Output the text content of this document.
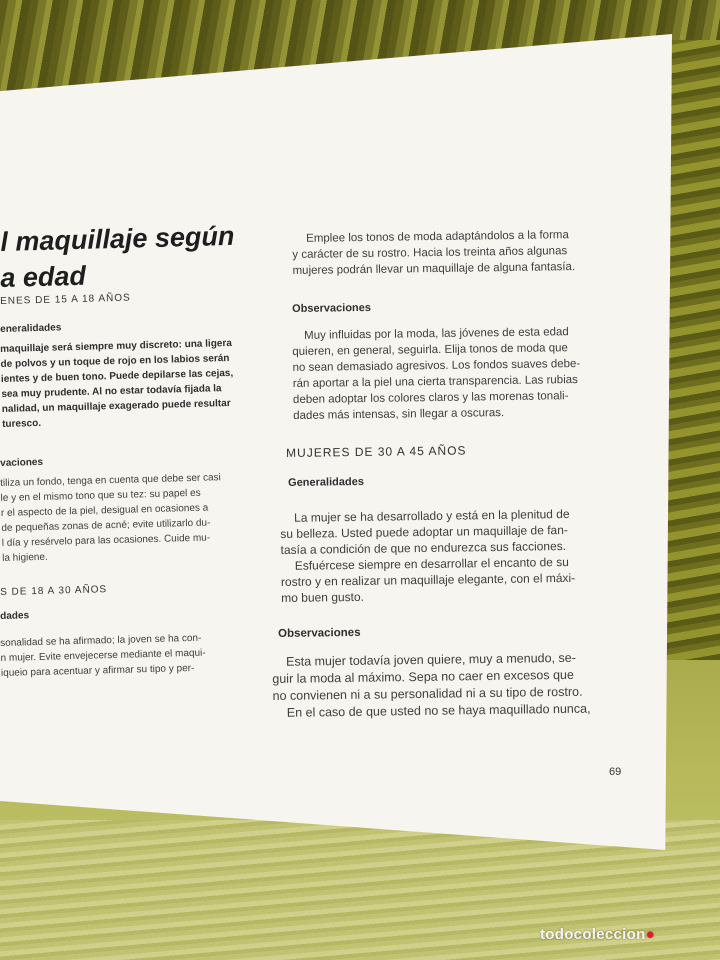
l maquillaje según
a edad
ENES DE 15 A 18 AÑOS
eneralidades
maquillaje será siempre muy discreto: una ligera
de polvos y un toque de rojo en los labios serán
ientes y de buen tono. Puede depilarse las cejas,
sea muy prudente. Al no estar todavía fijada la
nalidad, un maquillaje exagerado puede resultar
turesco.
vaciones
tiliza un fondo, tenga en cuenta que debe ser casi
le y en el mismo tono que su tez: su papel es
r el aspecto de la piel, desigual en ocasiones a
de pequeñas zonas de acné; evite utilizarlo du-
l día y resérvelo para las ocasiones. Cuide mu-
la higiene.
S DE 18 A 30 AÑOS
dades
sonalidad se ha afirmado; la joven se ha con-
n mujer. Evite envejecerse mediante el maqui-
iqueio para acentuar y afirmar su tipo y per-
Emplee los tonos de moda adaptándolos a la forma
y carácter de su rostro. Hacia los treinta años algunas
mujeres podrán llevar un maquillaje de alguna fantasía.
Observaciones
Muy influidas por la moda, las jóvenes de esta edad
quieren, en general, seguirla. Elija tonos de moda que
no sean demasiado agresivos. Los fondos suaves debe-
rán aportar a la piel una cierta transparencia. Las rubias
deben adoptar los colores claros y las morenas tonali-
dades más intensas, sin llegar a oscuras.
MUJERES DE 30 A 45 AÑOS
Generalidades
La mujer se ha desarrollado y está en la plenitud de
su belleza. Usted puede adoptar un maquillaje de fan-
tasía a condición de que no endurezca sus facciones.
Esfuércese siempre en desarrollar el encanto de su
rostro y en realizar un maquillaje elegante, con el máxi-
mo buen gusto.
Observaciones
Esta mujer todavía joven quiere, muy a menudo, se-
guir la moda al máximo. Sepa no caer en excesos que
no convienen ni a su personalidad ni a su tipo de rostro.
En el caso de que usted no se haya maquillado nunca,
69
todocoleccion●
